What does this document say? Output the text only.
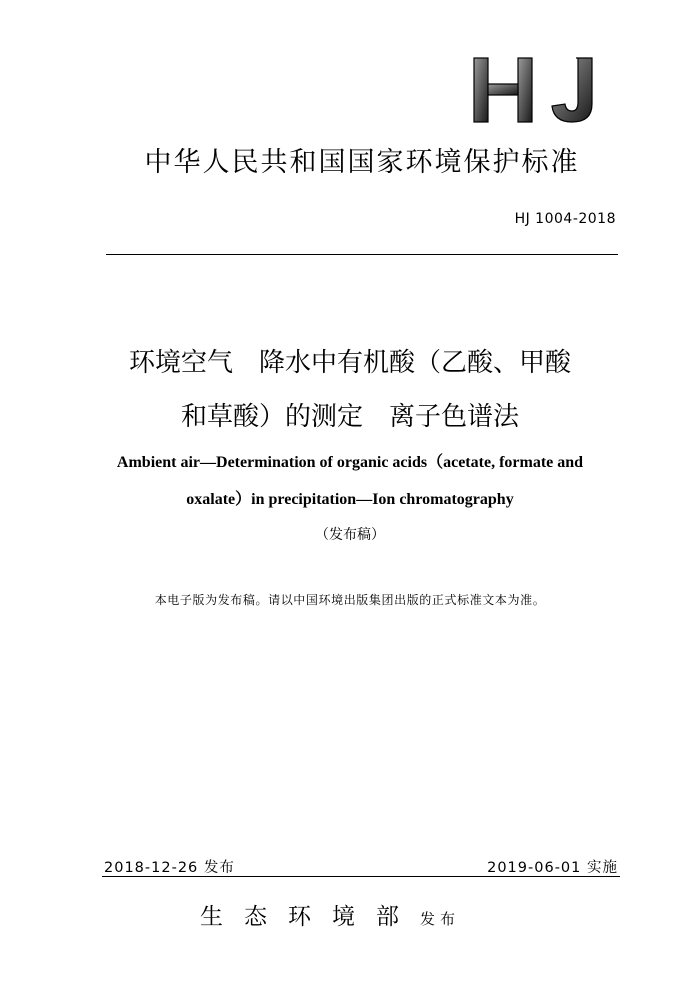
中华人民共和国国家环境保护标准
HJ 1004-2018
环境空气　降水中有机酸（乙酸、甲酸
和草酸）的测定　离子色谱法
Ambient air—Determination of organic acids（acetate, formate and
oxalate）in precipitation—Ion chromatography
（发布稿）
本电子版为发布稿。请以中国环境出版集团出版的正式标准文本为准。
2018-12-26 发布	2019-06-01 实施
生态环境部发布
